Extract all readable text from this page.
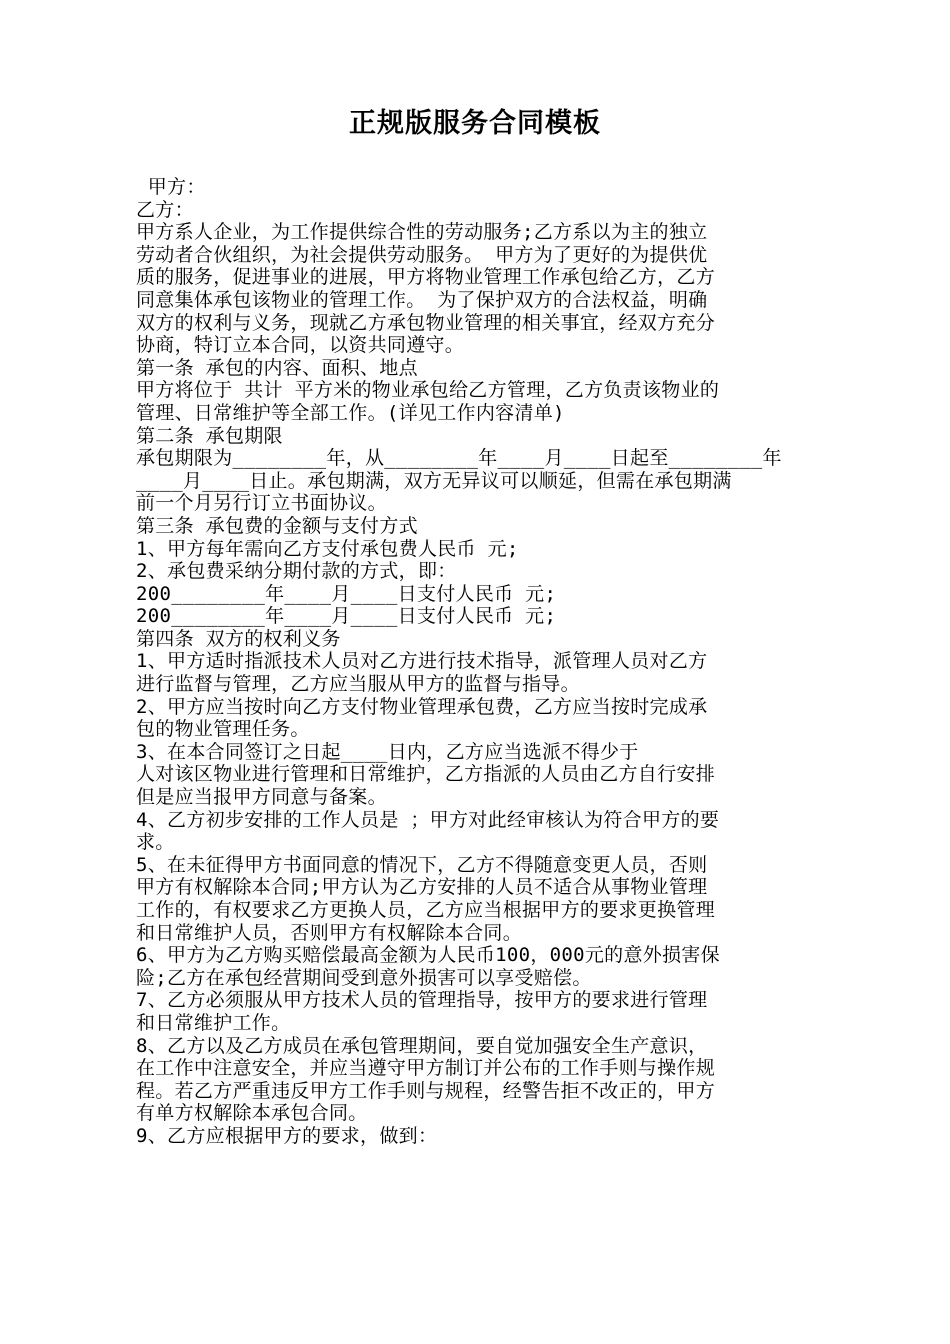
正规版服务合同模板
甲方：
乙方：
甲方系人企业，为工作提供综合性的劳动服务;乙方系以为主的独立
劳动者合伙组织，为社会提供劳动服务。 甲方为了更好的为提供优
质的服务，促进事业的进展，甲方将物业管理工作承包给乙方，乙方
同意集体承包该物业的管理工作。 为了保护双方的合法权益，明确
双方的权利与义务，现就乙方承包物业管理的相关事宜，经双方充分
协商，特订立本合同，以资共同遵守。
第一条 承包的内容、面积、地点
甲方将位于 共计 平方米的物业承包给乙方管理，乙方负责该物业的
管理、日常维护等全部工作。(详见工作内容清单)
第二条 承包期限
承包期限为________年，从________年____月____日起至________年
____月____日止。承包期满，双方无异议可以顺延，但需在承包期满
前一个月另行订立书面协议。
第三条 承包费的金额与支付方式
1、甲方每年需向乙方支付承包费人民币 元;
2、承包费采纳分期付款的方式，即：
200________年____月____日支付人民币 元;
200________年____月____日支付人民币 元;
第四条 双方的权利义务
1、甲方适时指派技术人员对乙方进行技术指导，派管理人员对乙方
进行监督与管理，乙方应当服从甲方的监督与指导。
2、甲方应当按时向乙方支付物业管理承包费，乙方应当按时完成承
包的物业管理任务。
3、在本合同签订之日起____日内，乙方应当选派不得少于
人对该区物业进行管理和日常维护，乙方指派的人员由乙方自行安排
但是应当报甲方同意与备案。
4、乙方初步安排的工作人员是 ；甲方对此经审核认为符合甲方的要
求。
5、在未征得甲方书面同意的情况下，乙方不得随意变更人员，否则
甲方有权解除本合同;甲方认为乙方安排的人员不适合从事物业管理
工作的，有权要求乙方更换人员，乙方应当根据甲方的要求更换管理
和日常维护人员，否则甲方有权解除本合同。
6、甲方为乙方购买赔偿最高金额为人民币100，000元的意外损害保
险;乙方在承包经营期间受到意外损害可以享受赔偿。
7、乙方必须服从甲方技术人员的管理指导，按甲方的要求进行管理
和日常维护工作。
8、乙方以及乙方成员在承包管理期间，要自觉加强安全生产意识，
在工作中注意安全，并应当遵守甲方制订并公布的工作手则与操作规
程。若乙方严重违反甲方工作手则与规程，经警告拒不改正的，甲方
有单方权解除本承包合同。
9、乙方应根据甲方的要求，做到：
